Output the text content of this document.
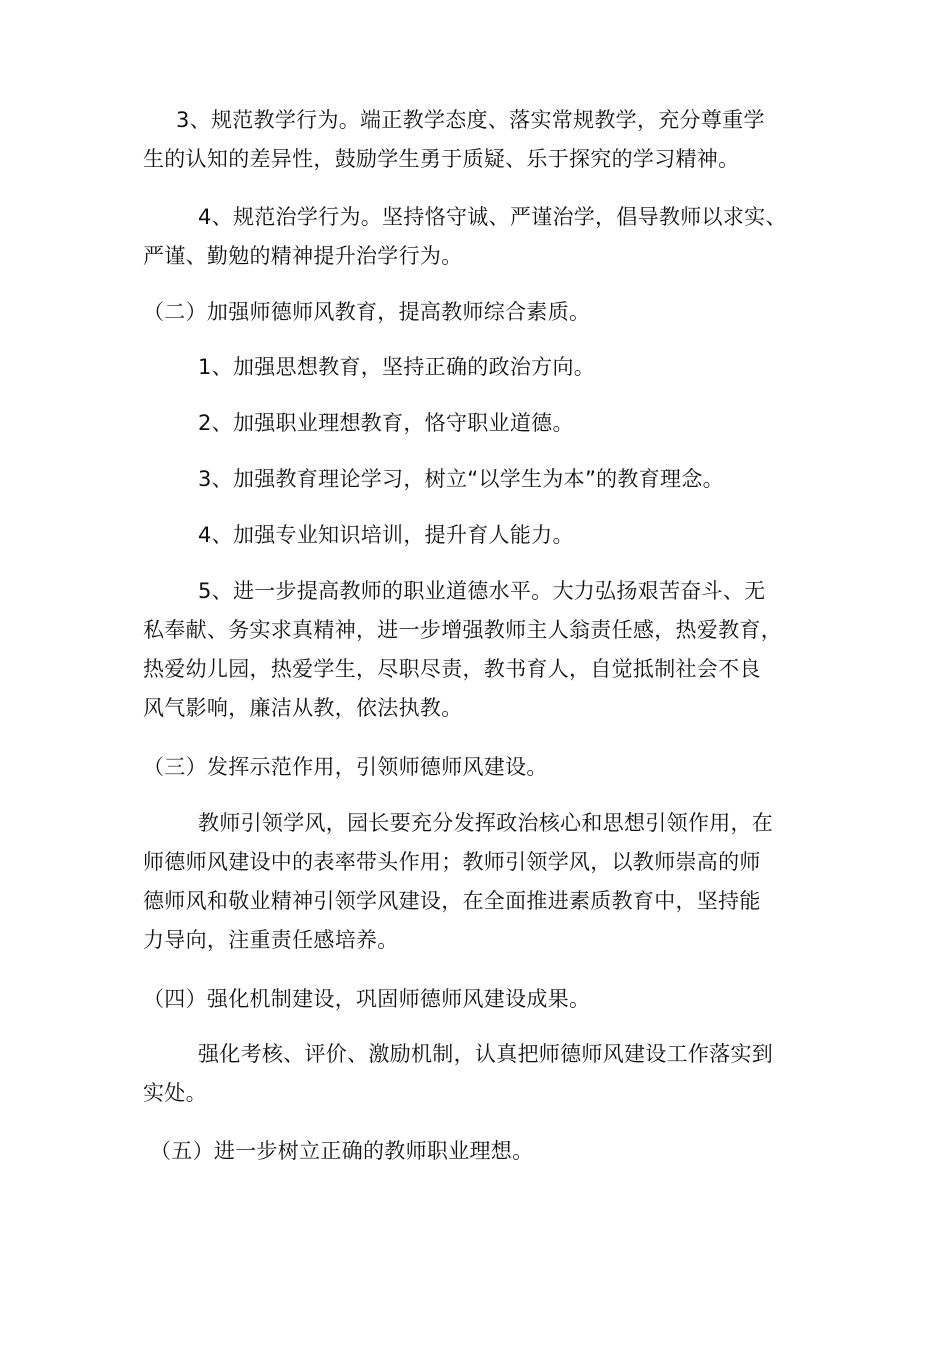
3、规范教学行为。端正教学态度、落实常规教学，充分尊重学
生的认知的差异性，鼓励学生勇于质疑、乐于探究的学习精神。

4、规范治学行为。坚持恪守诚、严谨治学，倡导教师以求实、
严谨、勤勉的精神提升治学行为。

（二）加强师德师风教育，提高教师综合素质。

1、加强思想教育，坚持正确的政治方向。

2、加强职业理想教育，恪守职业道德。

3、加强教育理论学习，树立“以学生为本”的教育理念。

4、加强专业知识培训，提升育人能力。

5、进一步提高教师的职业道德水平。大力弘扬艰苦奋斗、无
私奉献、务实求真精神，进一步增强教师主人翁责任感，热爱教育，
热爱幼儿园，热爱学生，尽职尽责，教书育人，自觉抵制社会不良
风气影响，廉洁从教，依法执教。

（三）发挥示范作用，引领师德师风建设。

教师引领学风，园长要充分发挥政治核心和思想引领作用，在
师德师风建设中的表率带头作用；教师引领学风，以教师崇高的师
德师风和敬业精神引领学风建设，在全面推进素质教育中，坚持能
力导向，注重责任感培养。

（四）强化机制建设，巩固师德师风建设成果。

强化考核、评价、激励机制，认真把师德师风建设工作落实到
实处。

（五）进一步树立正确的教师职业理想。
